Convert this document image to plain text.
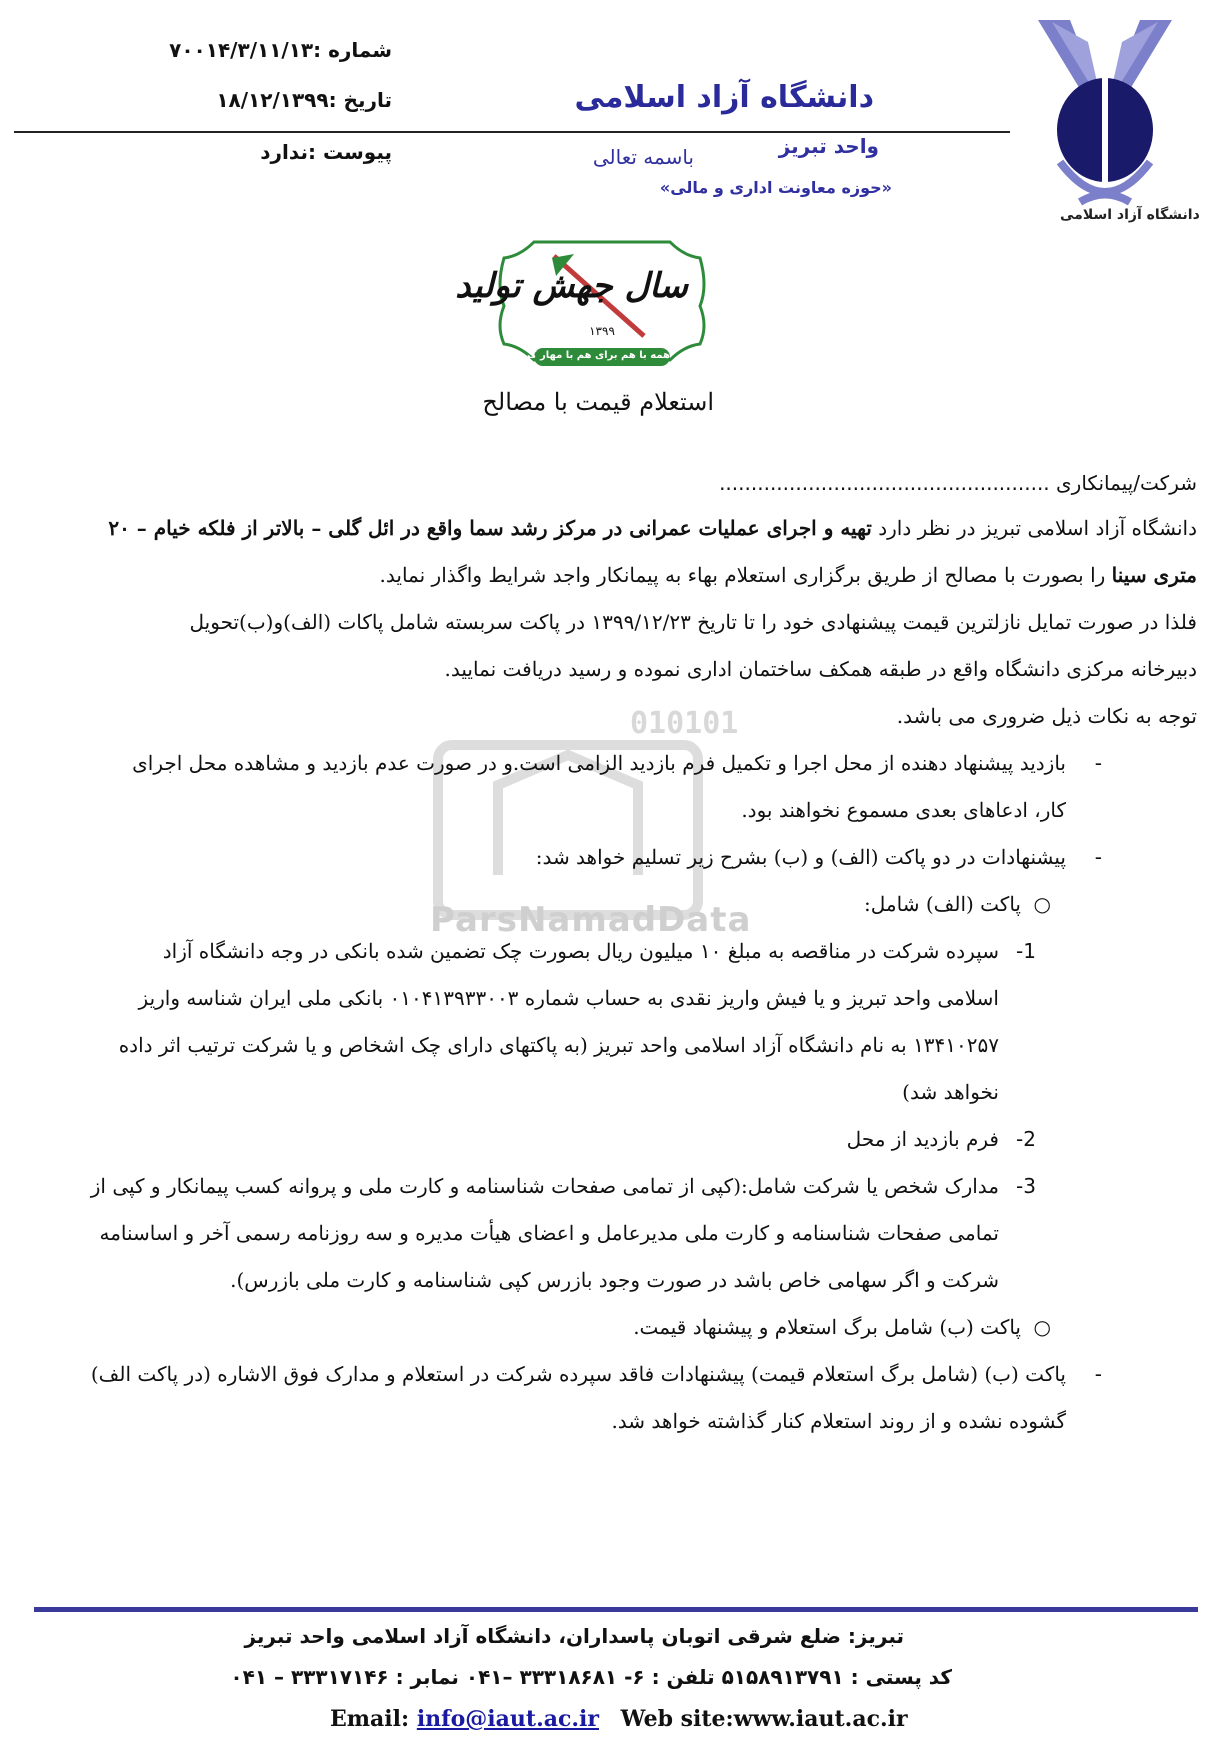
دانشگاه آزاد اسلامی
دانشگاه آزاد اسلامی
واحد تبریز
«حوزه معاونت اداری و مالی»
باسمه تعالی
شماره :۷۰۰۱۴/۳/۱۱/۱۳
تاریخ :۱۸/۱۲/۱۳۹۹
پیوست :ندارد
سال جهش تولید
۱۳۹۹
همه با هم برای هم با مهار کرونا
استعلام قیمت با مصالح
010101
ParsNamadData
شرکت/پیمانکاری ....................................................
دانشگاه آزاد اسلامی تبریز در نظر دارد تهیه و اجرای عملیات عمرانی در مرکز رشد سما واقع در ائل گلی – بالاتر از فلکه خیام – ۲۰
متری سینا را بصورت با مصالح از طریق برگزاری استعلام بهاء به پیمانکار واجد شرایط واگذار نماید.
فلذا در صورت تمایل نازلترین قیمت پیشنهادی خود را تا تاریخ ۱۳۹۹/۱۲/۲۳ در پاکت سربسته شامل پاکات (الف)و(ب)تحویل
دبیرخانه مرکزی دانشگاه واقع در طبقه همکف ساختمان اداری نموده و رسید دریافت نمایید.
توجه به نکات ذیل ضروری می باشد.
-
بازدید پیشنهاد دهنده از محل اجرا و تکمیل فرم بازدید الزامی است.و در صورت عدم بازدید و مشاهده محل اجرای
کار، ادعاهای بعدی مسموع نخواهند بود.
-
پیشنهادات در دو پاکت (الف) و (ب) بشرح زیر تسلیم خواهد شد:
○
پاکت (الف) شامل:
1-
سپرده شرکت در مناقصه به مبلغ ۱۰ میلیون ریال بصورت چک تضمین شده بانکی در وجه دانشگاه آزاد
اسلامی واحد تبریز و یا فیش واریز نقدی به حساب شماره ۰۱۰۴۱۳۹۳۳۰۰۳ بانکی ملی ایران شناسه واریز
۱۳۴۱۰۲۵۷ به نام دانشگاه آزاد اسلامی واحد تبریز (به پاکتهای دارای چک اشخاص و یا شرکت ترتیب اثر داده
نخواهد شد)
2-
فرم بازدید از محل
3-
مدارک شخص یا شرکت شامل:(کپی از تمامی صفحات شناسنامه و کارت ملی و پروانه کسب پیمانکار و کپی از
تمامی صفحات شناسنامه و کارت ملی مدیرعامل و اعضای هیأت مدیره و سه روزنامه رسمی آخر و اساسنامه
شرکت و اگر سهامی خاص باشد در صورت وجود بازرس کپی شناسنامه و کارت ملی بازرس).
○
پاکت (ب) شامل برگ استعلام و پیشنهاد قیمت.
-
پاکت (ب) (شامل برگ استعلام قیمت) پیشنهادات فاقد سپرده شرکت در استعلام و مدارک فوق الاشاره (در پاکت الف)
گشوده نشده و از روند استعلام کنار گذاشته خواهد شد.
تبریز: ضلع شرقی اتوبان پاسداران، دانشگاه آزاد اسلامی واحد تبریز
کد پستی : ۵۱۵۸۹۱۳۷۹۱ تلفن : ۶- ۳۳۳۱۸۶۸۱ –۰۴۱ نمابر : ۳۳۳۱۷۱۴۶ – ۰۴۱
Email: info@iaut.ac.ir Web site:www.iaut.ac.ir
